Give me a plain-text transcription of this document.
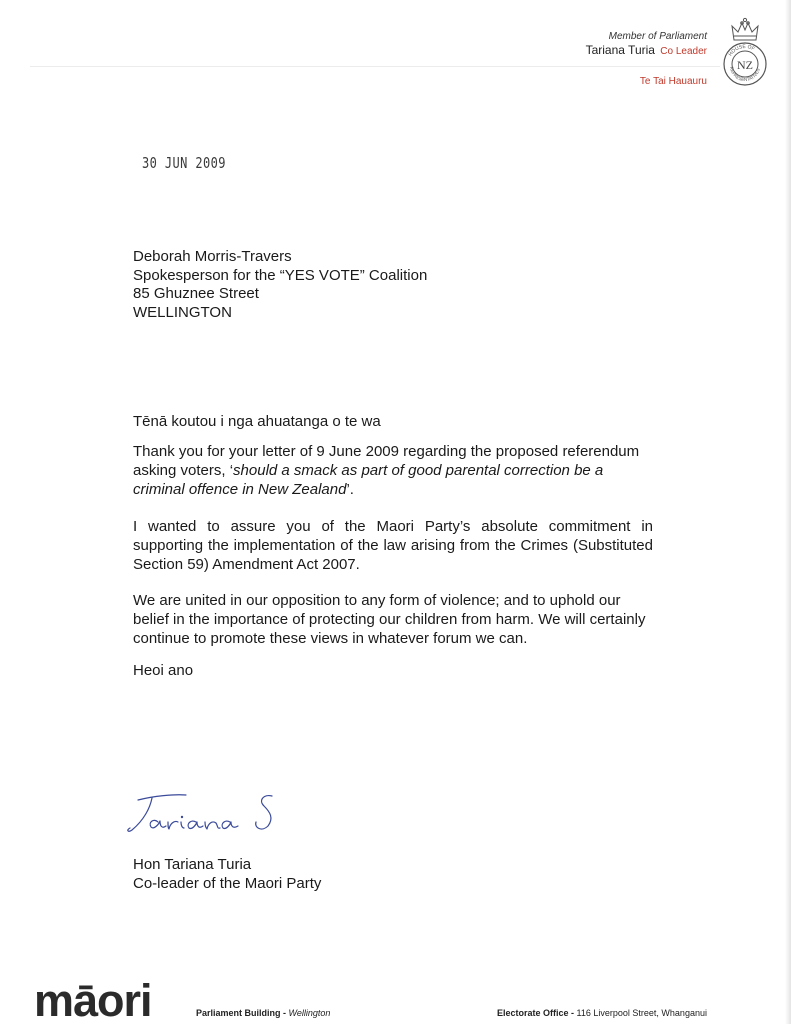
Member of Parliament
Tariana Turia Co Leader
Te Tai Hauauru
HOUSE OF
REPRESENTATIVES
NZ
30 JUN 2009
Deborah Morris-Travers
Spokesperson for the “YES VOTE” Coalition
85 Ghuznee Street
WELLINGTON
Tēnā koutou i nga ahuatanga o te wa
Thank you for your letter of 9 June 2009 regarding the proposed referendum asking voters, ‘should a smack as part of good parental correction be a criminal offence in New Zealand’.
I wanted to assure you of the Maori Party’s absolute commitment in supporting the implementation of the law arising from the Crimes (Substituted Section 59) Amendment Act 2007.
We are united in our opposition to any form of violence; and to uphold our belief in the importance of protecting our children from harm. We will certainly continue to promote these views in whatever forum we can.
Heoi ano
Hon Tariana Turia
Co-leader of the Maori Party
māori	Parliament Building - Wellington	Electorate Office - 116 Liverpool Street, Whanganui
